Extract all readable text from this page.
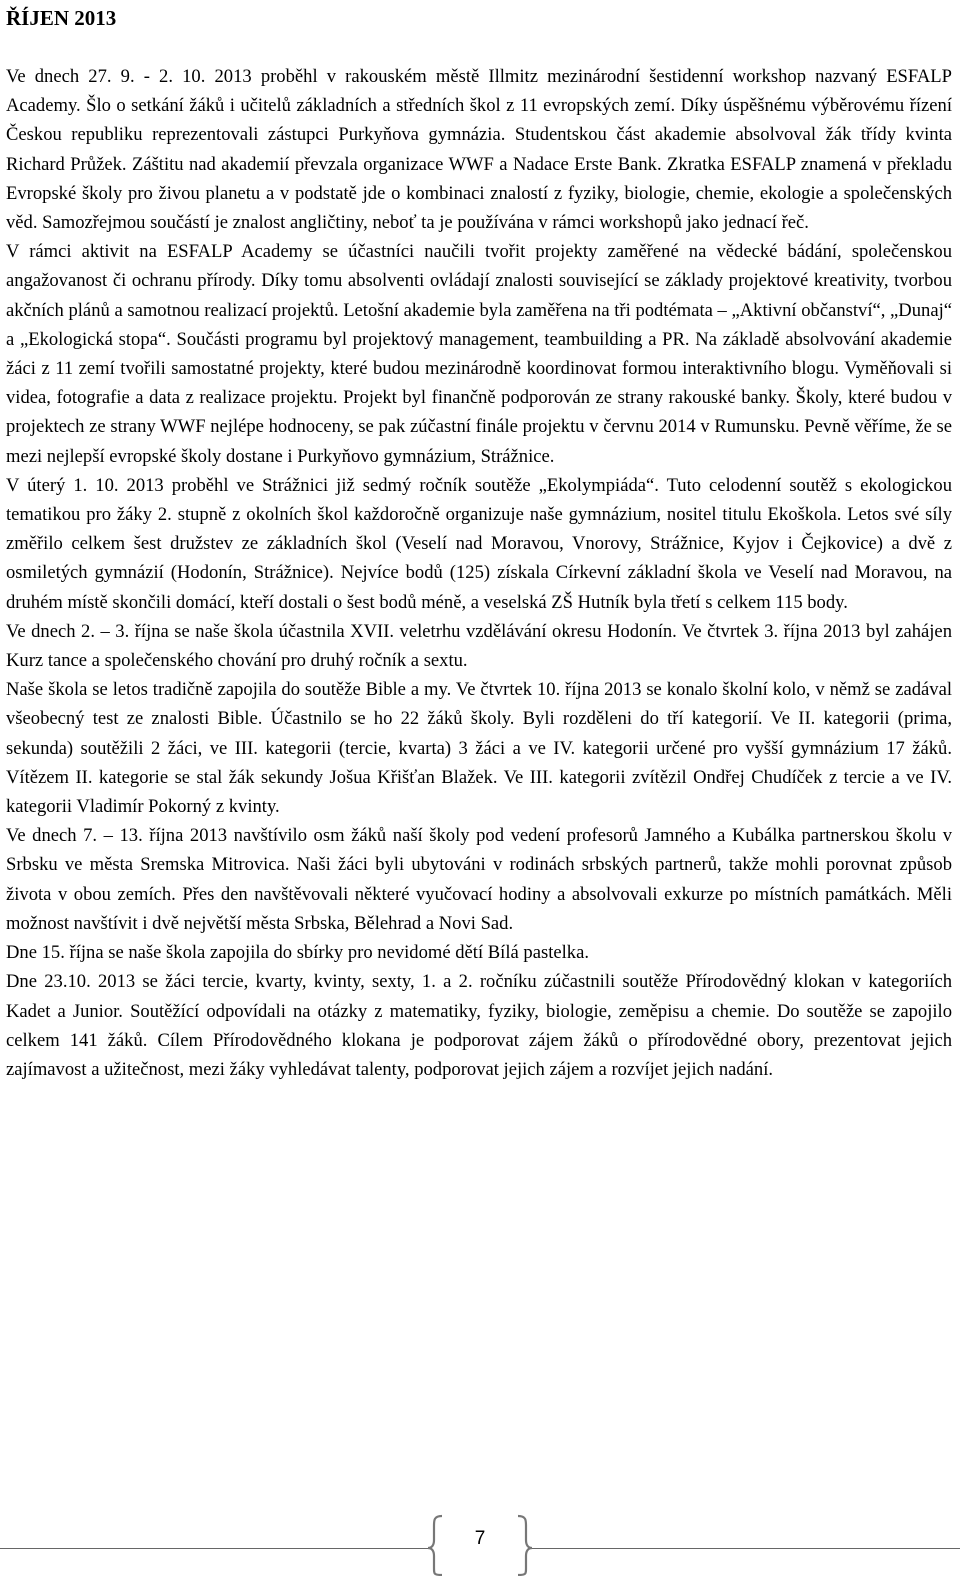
ŘÍJEN 2013

Ve dnech 27. 9. - 2. 10. 2013 proběhl v rakouském městě Illmitz mezinárodní šestidenní workshop nazvaný ESFALP Academy. Šlo o setkání žáků i učitelů základních a středních škol z 11 evropských zemí. Díky úspěšnému výběrovému řízení Českou republiku reprezentovali zástupci Purkyňova gymnázia. Studentskou část akademie absolvoval žák třídy kvinta Richard Průžek. Záštitu nad akademií převzala organizace WWF a Nadace Erste Bank. Zkratka ESFALP znamená v překladu Evropské školy pro živou planetu a v podstatě jde o kombinaci znalostí z fyziky, biologie, chemie, ekologie a společenských věd. Samozřejmou součástí je znalost angličtiny, neboť ta je používána v rámci workshopů jako jednací řeč.

V rámci aktivit na ESFALP Academy se účastníci naučili tvořit projekty zaměřené na vědecké bádání, společenskou angažovanost či ochranu přírody. Díky tomu absolventi ovládají znalosti související se základy projektové kreativity, tvorbou akčních plánů a samotnou realizací projektů. Letošní akademie byla zaměřena na tři podtémata – „Aktivní občanství“, „Dunaj“ a „Ekologická stopa“. Součásti programu byl projektový management, teambuilding a PR. Na základě absolvování akademie žáci z 11 zemí tvořili samostatné projekty, které budou mezinárodně koordinovat formou interaktivního blogu. Vyměňovali si videa, fotografie a data z realizace projektu. Projekt byl finančně podporován ze strany rakouské banky. Školy, které budou v projektech ze strany WWF nejlépe hodnoceny, se pak zúčastní finále projektu v červnu 2014 v Rumunsku. Pevně věříme, že se mezi nejlepší evropské školy dostane i Purkyňovo gymnázium, Strážnice.

V úterý 1. 10. 2013 proběhl ve Strážnici již sedmý ročník soutěže „Ekolympiáda“. Tuto celodenní soutěž s ekologickou tematikou pro žáky 2. stupně z okolních škol každoročně organizuje naše gymnázium, nositel titulu Ekoškola. Letos své síly změřilo celkem šest družstev ze základních škol (Veselí nad Moravou, Vnorovy, Strážnice, Kyjov i Čejkovice) a dvě z osmiletých gymnázií (Hodonín, Strážnice). Nejvíce bodů (125) získala Církevní základní škola ve Veselí nad Moravou, na druhém místě skončili domácí, kteří dostali o šest bodů méně, a veselská ZŠ Hutník byla třetí s celkem 115 body.

Ve dnech 2. – 3. října se naše škola účastnila XVII. veletrhu vzdělávání okresu Hodonín. Ve čtvrtek 3. října 2013 byl zahájen Kurz tance a společenského chování pro druhý ročník a sextu.

Naše škola se letos tradičně zapojila do soutěže Bible a my. Ve čtvrtek 10. října 2013 se konalo školní kolo, v němž se zadával všeobecný test ze znalosti Bible. Účastnilo se ho 22 žáků školy. Byli rozděleni do tří kategorií. Ve II. kategorii (prima, sekunda) soutěžili 2 žáci, ve III. kategorii (tercie, kvarta) 3 žáci a ve IV. kategorii určené pro vyšší gymnázium 17 žáků. Vítězem II. kategorie se stal žák sekundy Jošua Křišťan Blažek. Ve III. kategorii zvítězil Ondřej Chudíček z tercie a ve IV. kategorii Vladimír Pokorný z kvinty.

Ve dnech 7. – 13. října 2013 navštívilo osm žáků naší školy pod vedení profesorů Jamného a Kubálka partnerskou školu v Srbsku ve města Sremska Mitrovica. Naši žáci byli ubytováni v rodinách srbských partnerů, takže mohli porovnat způsob života v obou zemích. Přes den navštěvovali některé vyučovací hodiny a absolvovali exkurze po místních památkách. Měli možnost navštívit i dvě největší města Srbska, Bělehrad a Novi Sad.

Dne 15. října se naše škola zapojila do sbírky pro nevidomé dětí Bílá pastelka.

Dne 23.10. 2013 se žáci tercie, kvarty, kvinty, sexty, 1. a 2. ročníku zúčastnili soutěže Přírodovědný klokan v kategoriích Kadet a Junior. Soutěžící odpovídali na otázky z matematiky, fyziky, biologie, zeměpisu a chemie. Do soutěže se zapojilo celkem 141 žáků. Cílem Přírodovědného klokana je podporovat zájem žáků o přírodovědné obory, prezentovat jejich zajímavost a užitečnost, mezi žáky vyhledávat talenty, podporovat jejich zájem a rozvíjet jejich nadání.

7
